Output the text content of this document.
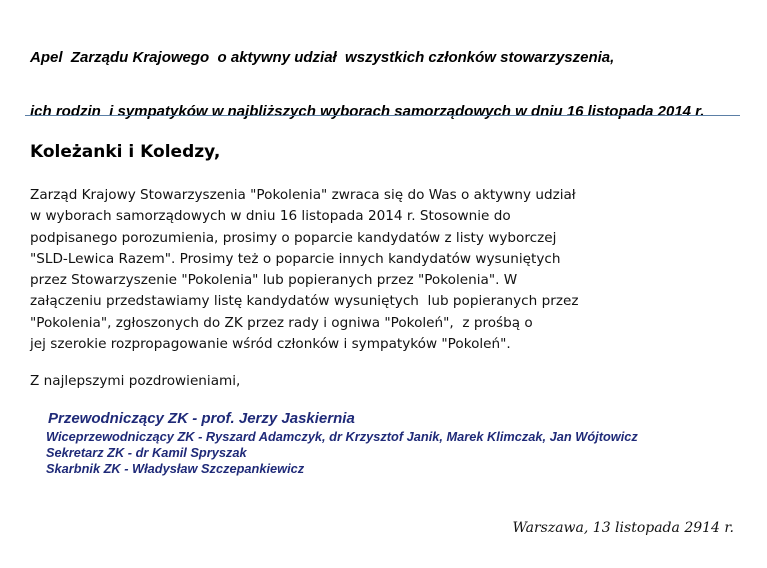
Apel  Zarządu Krajowego  o aktywny udział  wszystkich członków stowarzyszenia,

ich rodzin  i sympatyków w najbliższych wyborach samorządowych w dniu 16 listopada 2014 r.

Koleżanki i Koledzy,
Zarząd Krajowy Stowarzyszenia "Pokolenia" zwraca się do Was o aktywny udział
w wyborach samorządowych w dniu 16 listopada 2014 r. Stosownie do
podpisanego porozumienia, prosimy o poparcie kandydatów z listy wyborczej
"SLD-Lewica Razem". Prosimy też o poparcie innych kandydatów wysuniętych
przez Stowarzyszenie "Pokolenia" lub popieranych przez "Pokolenia". W
załączeniu przedstawiamy listę kandydatów wysuniętych  lub popieranych przez
"Pokolenia", zgłoszonych do ZK przez rady i ogniwa "Pokoleń",  z prośbą o
jej szerokie rozpropagowanie wśród członków i sympatyków "Pokoleń".
Z najlepszymi pozdrowieniami,
Przewodniczący ZK - prof. Jerzy Jaskiernia
Wiceprzewodniczący ZK - Ryszard Adamczyk, dr Krzysztof Janik, Marek Klimczak, Jan Wójtowicz
Sekretarz ZK - dr Kamil Spryszak
Skarbnik ZK - Władysław Szczepankiewicz
Warszawa, 13 listopada 2914 r.
